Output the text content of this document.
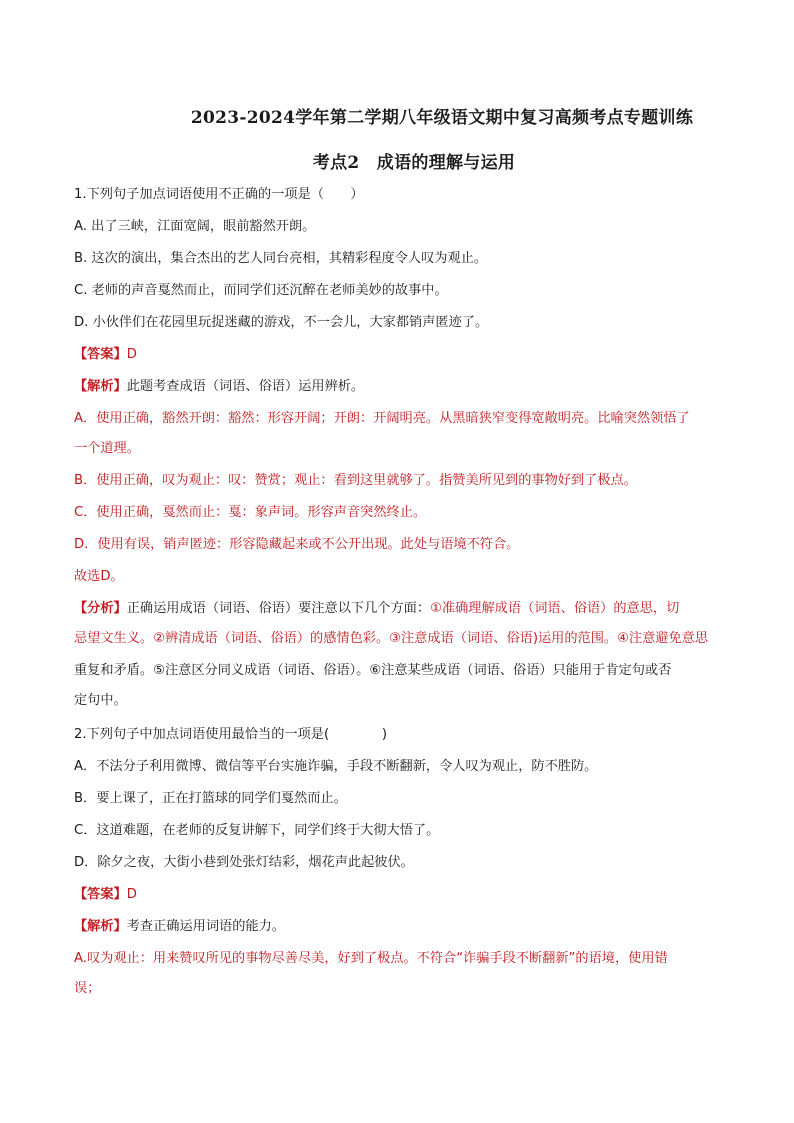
2023-2024学年第二学期八年级语文期中复习高频考点专题训练
考点2　成语的理解与运用
1.下列句子加点词语使用不正确的一项是（　　）
A. 出了三峡，江面宽阔，眼前豁然开朗。
B. 这次的演出，集合杰出的艺人同台亮相，其精彩程度令人叹为观止。
C. 老师的声音戛然而止，而同学们还沉醉在老师美妙的故事中。
D. 小伙伴们在花园里玩捉迷藏的游戏，不一会儿，大家都销声匿迹了。
【答案】D
【解析】此题考查成语（词语、俗语）运用辨析。
A．使用正确，豁然开朗：豁然：形容开阔；开朗：开阔明亮。从黑暗狭窄变得宽敞明亮。比喻突然领悟了
一个道理。
B．使用正确，叹为观止：叹：赞赏；观止：看到这里就够了。指赞美所见到的事物好到了极点。
C．使用正确，戛然而止：戛：象声词。形容声音突然终止。
D．使用有误，销声匿迹：形容隐藏起来或不公开出现。此处与语境不符合。
故选D。
【分析】正确运用成语（词语、俗语）要注意以下几个方面：①准确理解成语（词语、俗语）的意思，切
忌望文生义。②辨清成语（词语、俗语）的感情色彩。③注意成语（词语、俗语)运用的范围。④注意避免意思
重复和矛盾。⑤注意区分同义成语（词语、俗语）。⑥注意某些成语（词语、俗语）只能用于肯定句或否
定句中。
2.下列句子中加点词语使用最恰当的一项是(　　　　)
A．不法分子利用微博、微信等平台实施诈骗，手段不断翻新，令人叹为观止，防不胜防。
B．要上课了，正在打篮球的同学们戛然而止。
C．这道难题，在老师的反复讲解下，同学们终于大彻大悟了。
D．除夕之夜，大街小巷到处张灯结彩，烟花声此起彼伏。
【答案】D
【解析】考查正确运用词语的能力。
A.叹为观止：用来赞叹所见的事物尽善尽美，好到了极点。不符合“诈骗手段不断翻新”的语境，使用错
误；
